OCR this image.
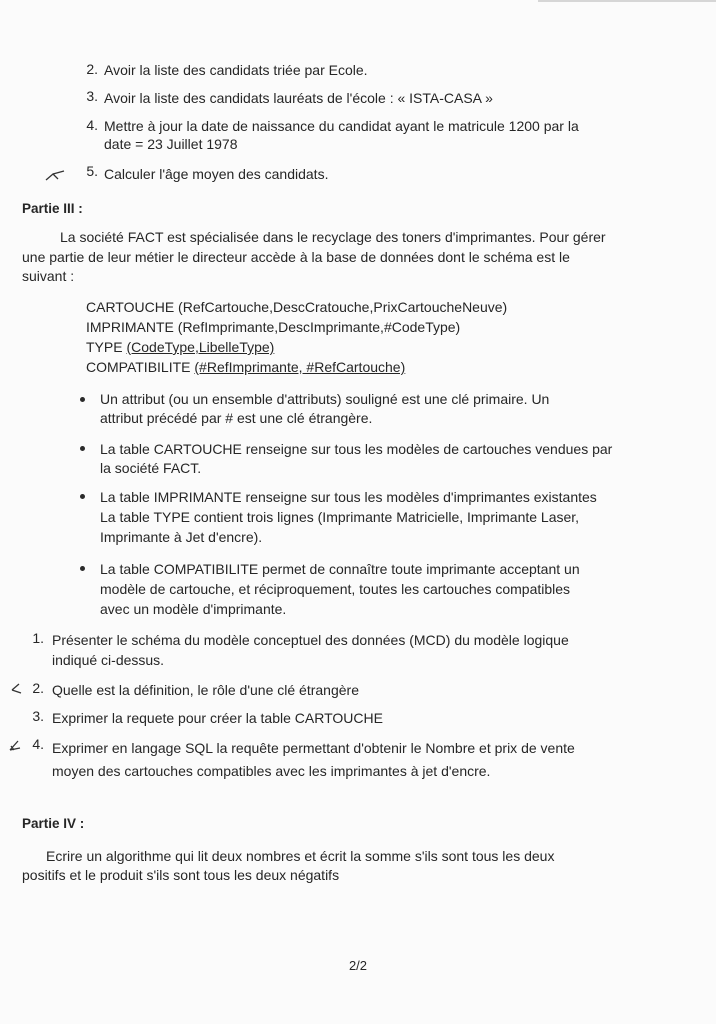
2. Avoir la liste des candidats triée par Ecole.
3. Avoir la liste des candidats lauréats de l'école : « ISTA-CASA »
4. Mettre à jour la date de naissance du candidat ayant le matricule 1200 par la
date = 23 Juillet 1978
5. Calculer l'âge moyen des candidats.
Partie III :
La société FACT est spécialisée dans le recyclage des toners d'imprimantes. Pour gérer
une partie de leur métier le directeur accède à la base de données dont le schéma est le
suivant :
CARTOUCHE (RefCartouche,DescCratouche,PrixCartoucheNeuve)
IMPRIMANTE (RefImprimante,DescImprimante,#CodeType)
TYPE (CodeType,LibelleType)
COMPATIBILITE (#RefImprimante, #RefCartouche)
Un attribut (ou un ensemble d'attributs) souligné est une clé primaire. Un
attribut précédé par # est une clé étrangère.
La table CARTOUCHE renseigne sur tous les modèles de cartouches vendues par
la société FACT.
La table IMPRIMANTE renseigne sur tous les modèles d'imprimantes existantes
La table TYPE contient trois lignes (Imprimante Matricielle, Imprimante Laser,
Imprimante à Jet d'encre).
La table COMPATIBILITE permet de connaître toute imprimante acceptant un
modèle de cartouche, et réciproquement, toutes les cartouches compatibles
avec un modèle d'imprimante.
1. Présenter le schéma du modèle conceptuel des données (MCD) du modèle logique
indiqué ci-dessus.
2. Quelle est la définition, le rôle d'une clé étrangère
3. Exprimer la requete pour créer la table CARTOUCHE
4. Exprimer en langage SQL la requête permettant d'obtenir le Nombre et prix de vente
moyen des cartouches compatibles avec les imprimantes à jet d'encre.
Partie IV :
Ecrire un algorithme qui lit deux nombres et écrit la somme s'ils sont tous les deux
positifs et le produit s'ils sont tous les deux négatifs
2/2
